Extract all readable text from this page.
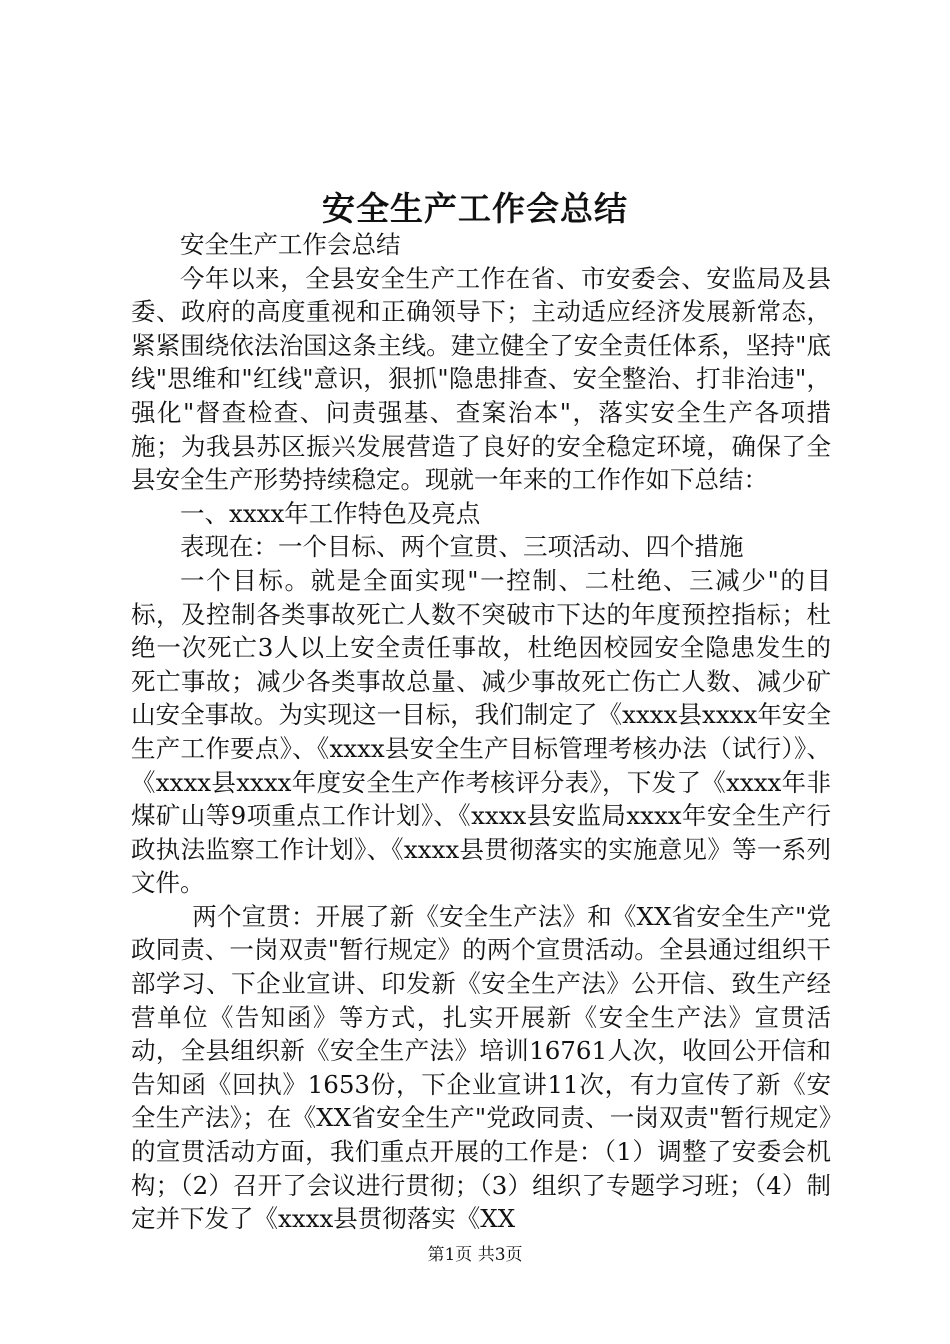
安全生产工作会总结

安全生产工作会总结

今年以来，全县安全生产工作在省、市安委会、安监局及县委、政府的高度重视和正确领导下；主动适应经济发展新常态，紧紧围绕依法治国这条主线。建立健全了安全责任体系，坚持"底线"思维和"红线"意识，狠抓"隐患排查、安全整治、打非治违"，强化"督查检查、问责强基、查案治本"，落实安全生产各项措施；为我县苏区振兴发展营造了良好的安全稳定环境，确保了全县安全生产形势持续稳定。现就一年来的工作作如下总结：

一、xxxx年工作特色及亮点

表现在：一个目标、两个宣贯、三项活动、四个措施

一个目标。就是全面实现"一控制、二杜绝、三减少"的目标，及控制各类事故死亡人数不突破市下达的年度预控指标；杜绝一次死亡3人以上安全责任事故，杜绝因校园安全隐患发生的死亡事故；减少各类事故总量、减少事故死亡伤亡人数、减少矿山安全事故。为实现这一目标，我们制定了《xxxx县xxxx年安全生产工作要点》、《xxxx县安全生产目标管理考核办法（试行）》、《xxxx县xxxx年度安全生产作考核评分表》，下发了《xxxx年非煤矿山等9项重点工作计划》、《xxxx县安监局xxxx年安全生产行政执法监察工作计划》、《xxxx县贯彻落实的实施意见》等一系列文件。

两个宣贯：开展了新《安全生产法》和《XX省安全生产"党政同责、一岗双责"暂行规定》的两个宣贯活动。全县通过组织干部学习、下企业宣讲、印发新《安全生产法》公开信、致生产经营单位《告知函》等方式，扎实开展新《安全生产法》宣贯活动，全县组织新《安全生产法》培训16761人次，收回公开信和告知函《回执》1653份，下企业宣讲11次，有力宣传了新《安全生产法》；在《XX省安全生产"党政同责、一岗双责"暂行规定》的宣贯活动方面，我们重点开展的工作是：（1）调整了安委会机构；（2）召开了会议进行贯彻；（3）组织了专题学习班；（4）制定并下发了《xxxx县贯彻落实《XX

第1页 共3页
